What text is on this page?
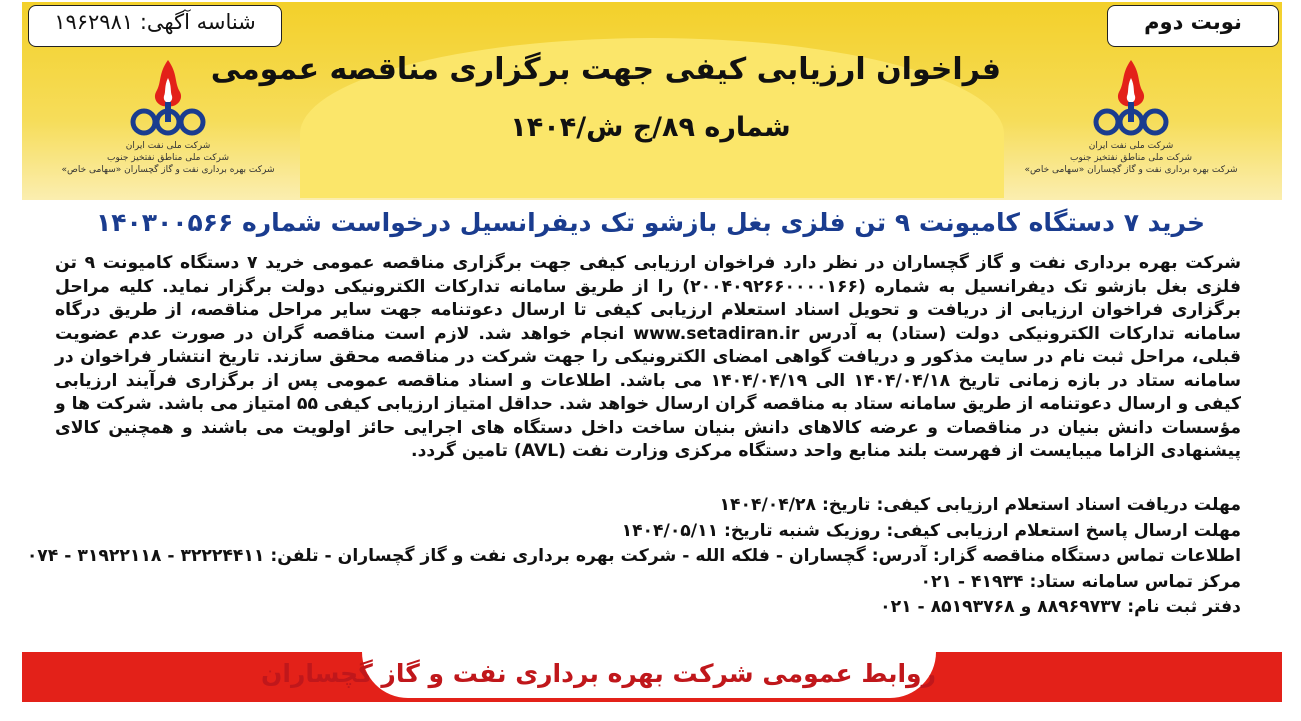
نوبت دوم
شناسه آگهی: ۱۹۶۲۹۸۱
فراخوان ارزیابی کیفی جهت برگزاری مناقصه عمومی
شماره ۸۹/ج ش/۱۴۰۴
شرکت ملی نفت ایران
شرکت ملی مناطق نفتخیز جنوب
شرکت بهره برداری نفت و گاز گچساران «سهامی خاص»
شرکت ملی نفت ایران
شرکت ملی مناطق نفتخیز جنوب
شرکت بهره برداری نفت و گاز گچساران «سهامی خاص»
خرید ۷ دستگاه کامیونت ۹ تن فلزی بغل بازشو تک دیفرانسیل درخواست شماره ۱۴۰۳۰۰۵۶۶

شرکت بهره برداری نفت و گاز گچساران در نظر دارد فراخوان ارزیابی کیفی جهت برگزاری مناقصه عمومی خرید ۷ دستگاه کامیونت ۹ تن فلزی بغل بازشو تک دیفرانسیل به شماره (۲۰۰۴۰۹۲۶۶۰۰۰۰۱۶۶) را از طریق سامانه تدارکات الکترونیکی دولت برگزار نماید. کلیه مراحل برگزاری فراخوان ارزیابی از دریافت و تحویل اسناد استعلام ارزیابی کیفی تا ارسال دعوتنامه جهت سایر مراحل مناقصه، از طریق درگاه سامانه تدارکات الکترونیکی دولت (ستاد) به آدرس www.setadiran.ir انجام خواهد شد. لازم است مناقصه گران در صورت عدم عضویت قبلی، مراحل ثبت نام در سایت مذکور و دریافت گواهی امضای الکترونیکی را جهت شرکت در مناقصه محقق سازند. تاریخ انتشار فراخوان در سامانه ستاد در بازه زمانی تاریخ ۱۴۰۴/۰۴/۱۸ الی ۱۴۰۴/۰۴/۱۹ می باشد. اطلاعات و اسناد مناقصه عمومی پس از برگزاری فرآیند ارزیابی کیفی و ارسال دعوتنامه از طریق سامانه ستاد به مناقصه گران ارسال خواهد شد. حداقل امتیاز ارزیابی کیفی ۵۵ امتیاز می باشد. شرکت ها و مؤسسات دانش بنیان در مناقصات و عرضه کالاهای دانش بنیان ساخت داخل دستگاه های اجرایی حائز اولویت می باشند و همچنین کالای پیشنهادی الزاما میبایست از فهرست بلند منابع واحد دستگاه مرکزی وزارت نفت (AVL) تامین گردد.

مهلت دریافت اسناد استعلام ارزیابی کیفی: تاریخ: ۱۴۰۴/۰۴/۲۸
مهلت ارسال پاسخ استعلام ارزیابی کیفی: روزیک شنبه تاریخ: ۱۴۰۴/۰۵/۱۱
اطلاعات تماس دستگاه مناقصه گزار: آدرس: گچساران - فلکه الله - شرکت بهره برداری نفت و گاز گچساران - تلفن: ۳۲۲۲۴۴۱۱ - ۳۱۹۲۲۱۱۸ - ۰۷۴
مرکز تماس سامانه ستاد: ۴۱۹۳۴ - ۰۲۱
دفتر ثبت نام: ۸۸۹۶۹۷۳۷ و ۸۵۱۹۳۷۶۸ - ۰۲۱
روابط عمومی شرکت بهره برداری نفت و گاز گچساران
